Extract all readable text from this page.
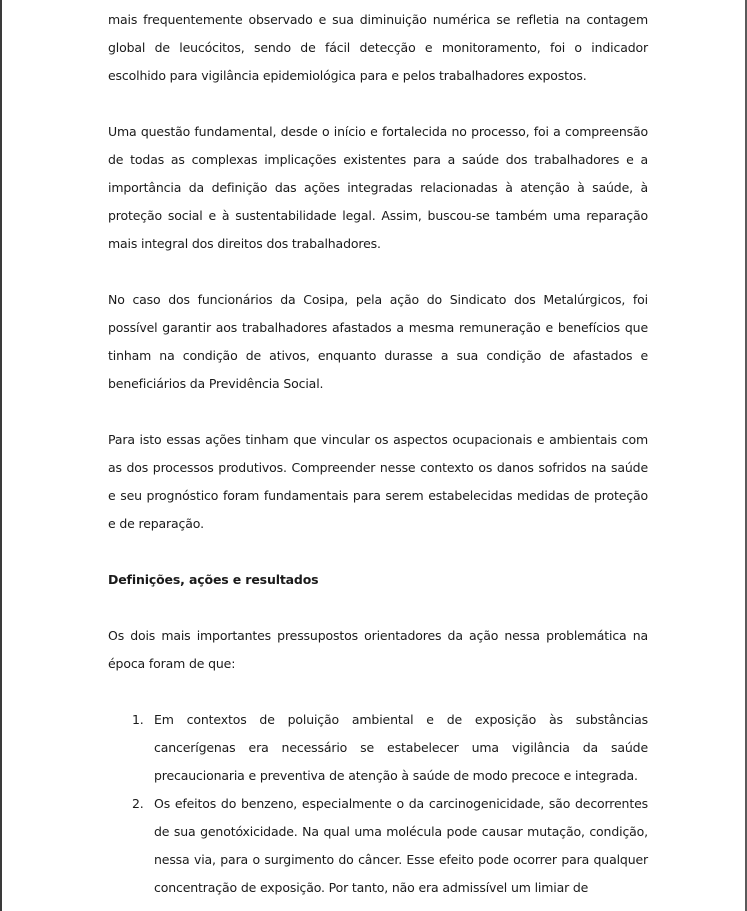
mais frequentemente observado e sua diminuição numérica se refletia na contagem global de leucócitos, sendo de fácil detecção e monitoramento, foi o indicador escolhido para vigilância epidemiológica para e pelos trabalhadores expostos.

Uma questão fundamental, desde o início e fortalecida no processo, foi a compreensão de todas as complexas implicações existentes para a saúde dos trabalhadores e a importância da definição das ações integradas relacionadas à atenção à saúde, à proteção social e à sustentabilidade legal. Assim, buscou-se também uma reparação mais integral dos direitos dos trabalhadores.

No caso dos funcionários da Cosipa, pela ação do Sindicato dos Metalúrgicos, foi possível garantir aos trabalhadores afastados a mesma remuneração e benefícios que tinham na condição de ativos, enquanto durasse a sua condição de afastados e beneficiários da Previdência Social.

Para isto essas ações tinham que vincular os aspectos ocupacionais e ambientais com as dos processos produtivos. Compreender nesse contexto os danos sofridos na saúde e seu prognóstico foram fundamentais para serem estabelecidas medidas de proteção e de reparação.

Definições, ações e resultados

Os dois mais importantes pressupostos orientadores da ação nessa problemática na época foram de que:

1. Em contextos de poluição ambiental e de exposição às substâncias cancerígenas era necessário se estabelecer uma vigilância da saúde precaucionaria e preventiva de atenção à saúde de modo precoce e integrada.
2. Os efeitos do benzeno, especialmente o da carcinogenicidade, são decorrentes de sua genotóxicidade. Na qual uma molécula pode causar mutação, condição, nessa via, para o surgimento do câncer. Esse efeito pode ocorrer para qualquer concentração de exposição. Por tanto, não era admissível um limiar de
